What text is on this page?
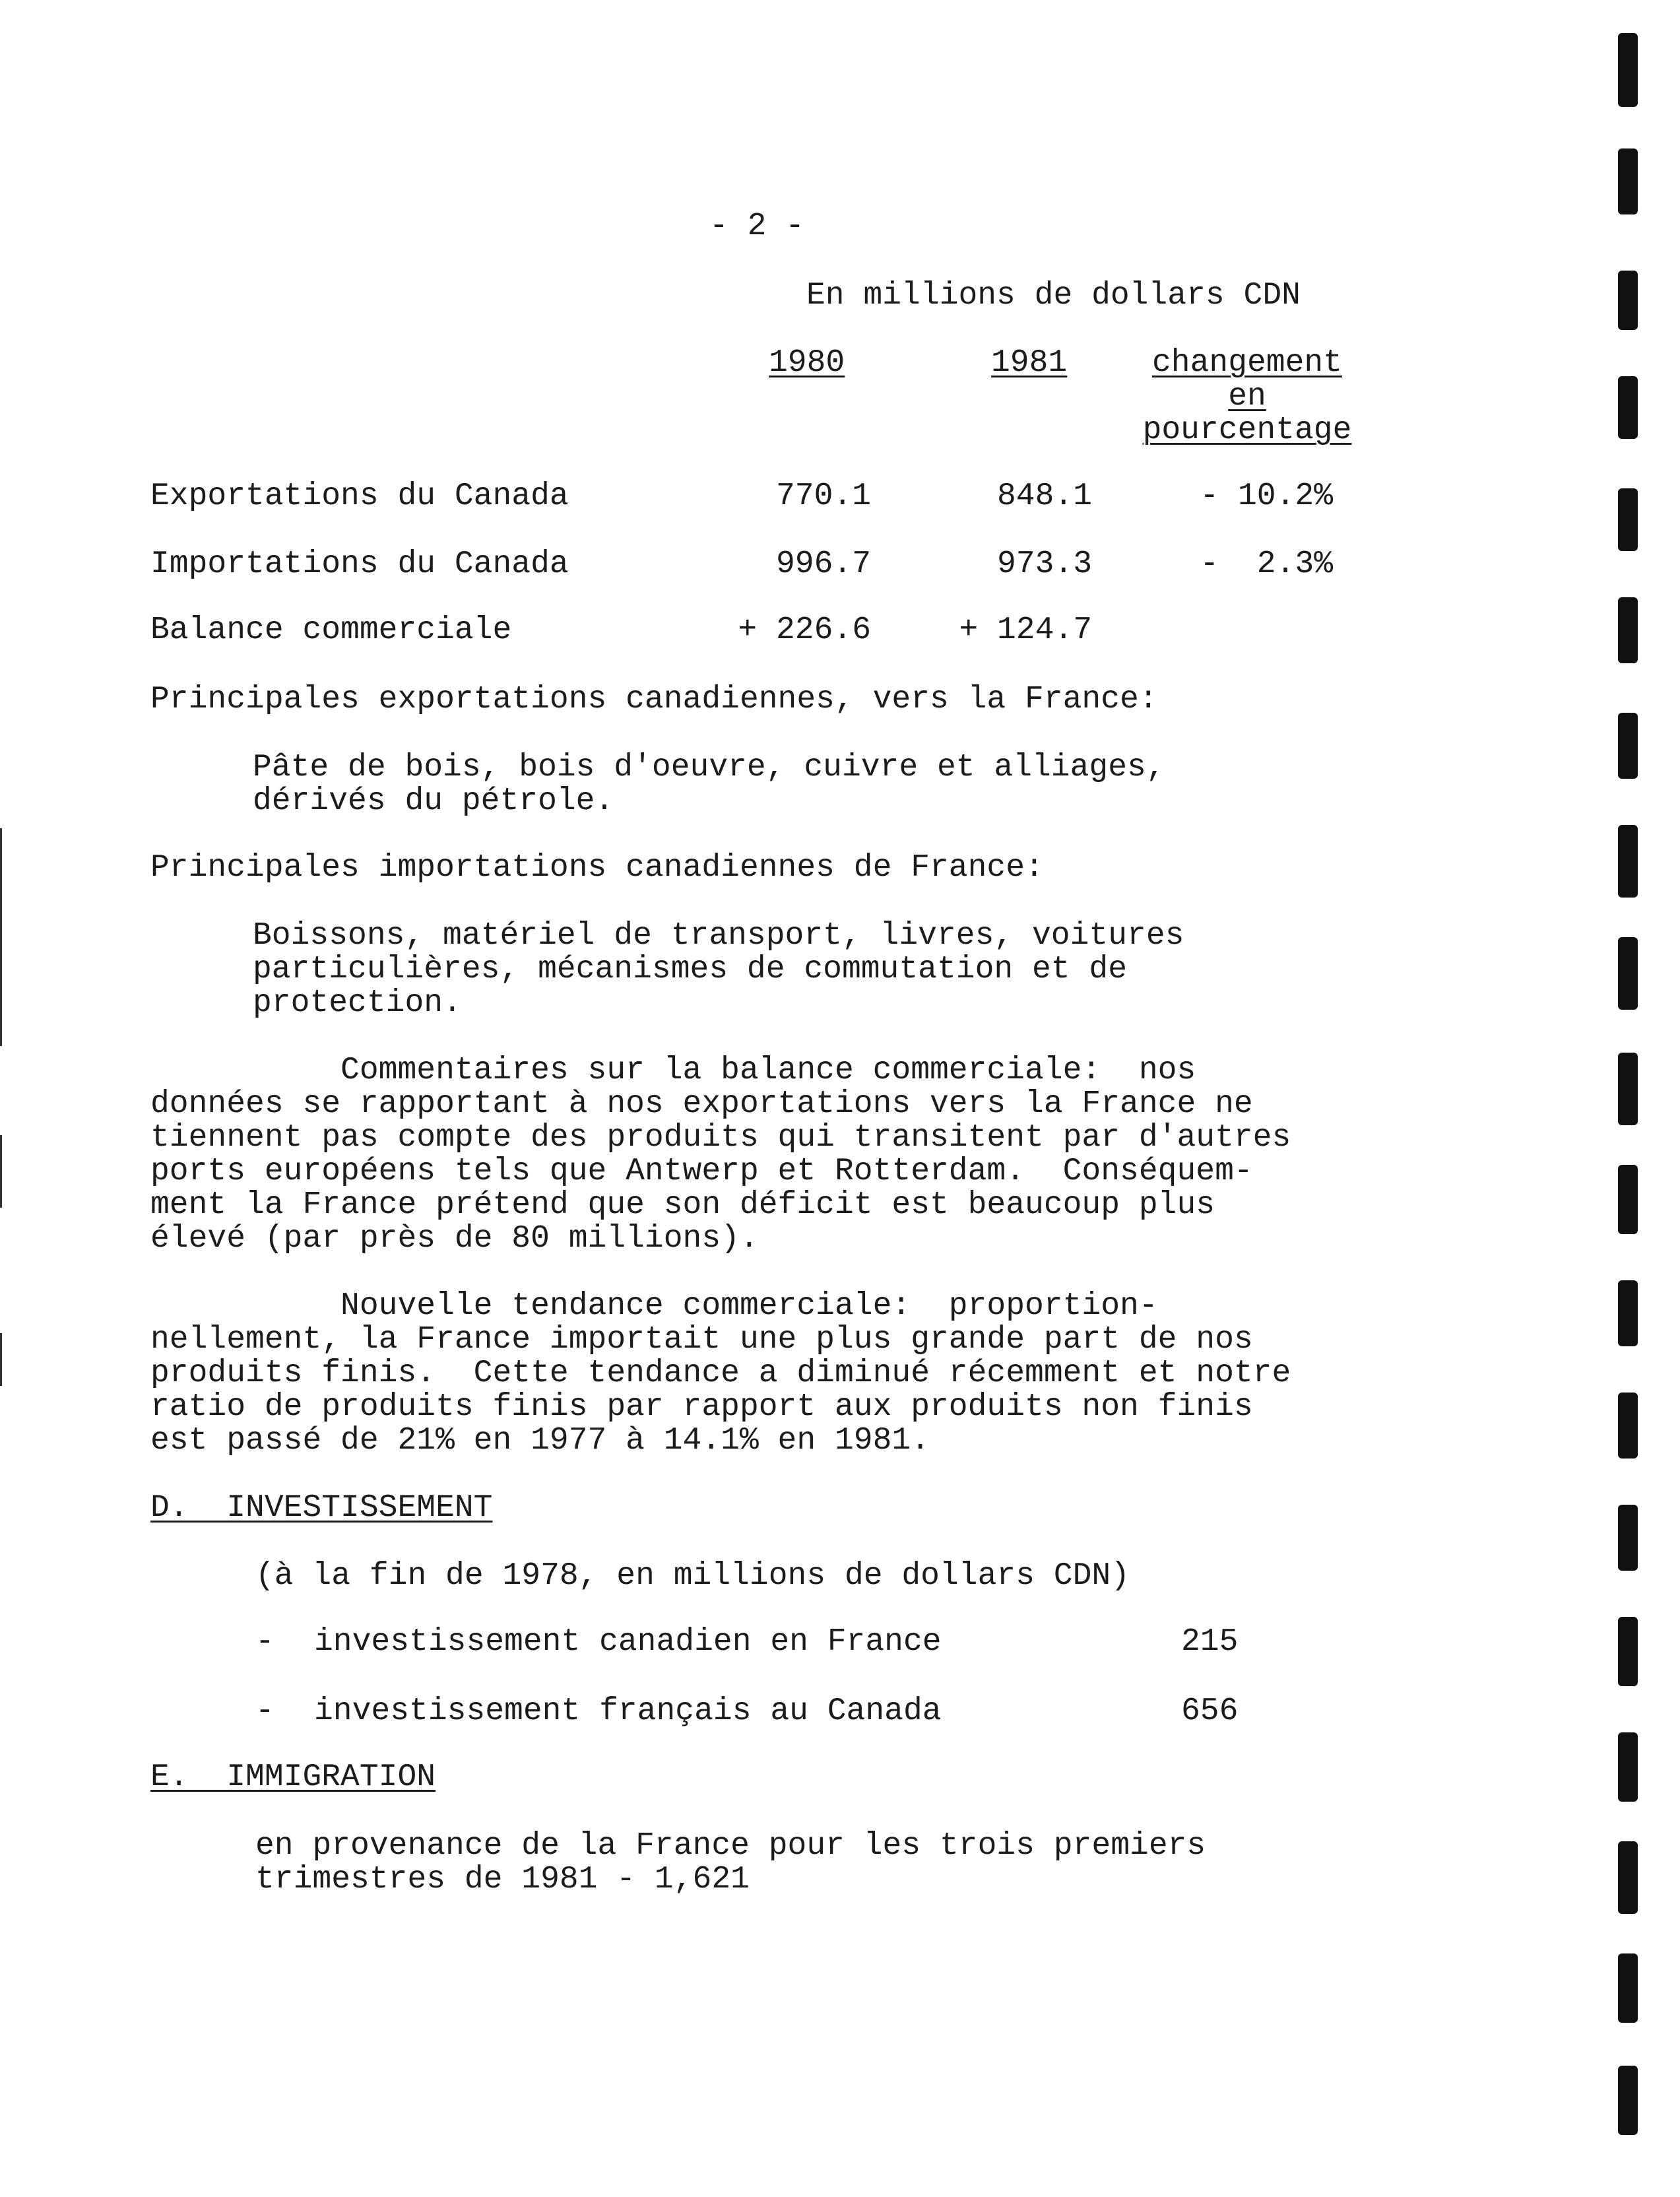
- 2 -
En millions de dollars CDN
1980	1981	changement
en
pourcentage
Exportations du Canada	770.1	848.1	- 10.2%
Importations du Canada	996.7	973.3	-  2.3%
Balance commerciale	+ 226.6	+ 124.7
Principales exportations canadiennes, vers la France:
Pâte de bois, bois d'oeuvre, cuivre et alliages,
dérivés du pétrole.
Principales importations canadiennes de France:
Boissons, matériel de transport, livres, voitures
particulières, mécanismes de commutation et de
protection.
Commentaires sur la balance commerciale:  nos
données se rapportant à nos exportations vers la France ne
tiennent pas compte des produits qui transitent par d'autres
ports européens tels que Antwerp et Rotterdam.  Conséquem-
ment la France prétend que son déficit est beaucoup plus
élevé (par près de 80 millions).
Nouvelle tendance commerciale:  proportion-
nellement, la France importait une plus grande part de nos
produits finis.  Cette tendance a diminué récemment et notre
ratio de produits finis par rapport aux produits non finis
est passé de 21% en 1977 à 14.1% en 1981.
D.  INVESTISSEMENT
(à la fin de 1978, en millions de dollars CDN)
- investissement canadien en France	215
- investissement français au Canada	656
E.  IMMIGRATION
en provenance de la France pour les trois premiers
trimestres de 1981 - 1,621
